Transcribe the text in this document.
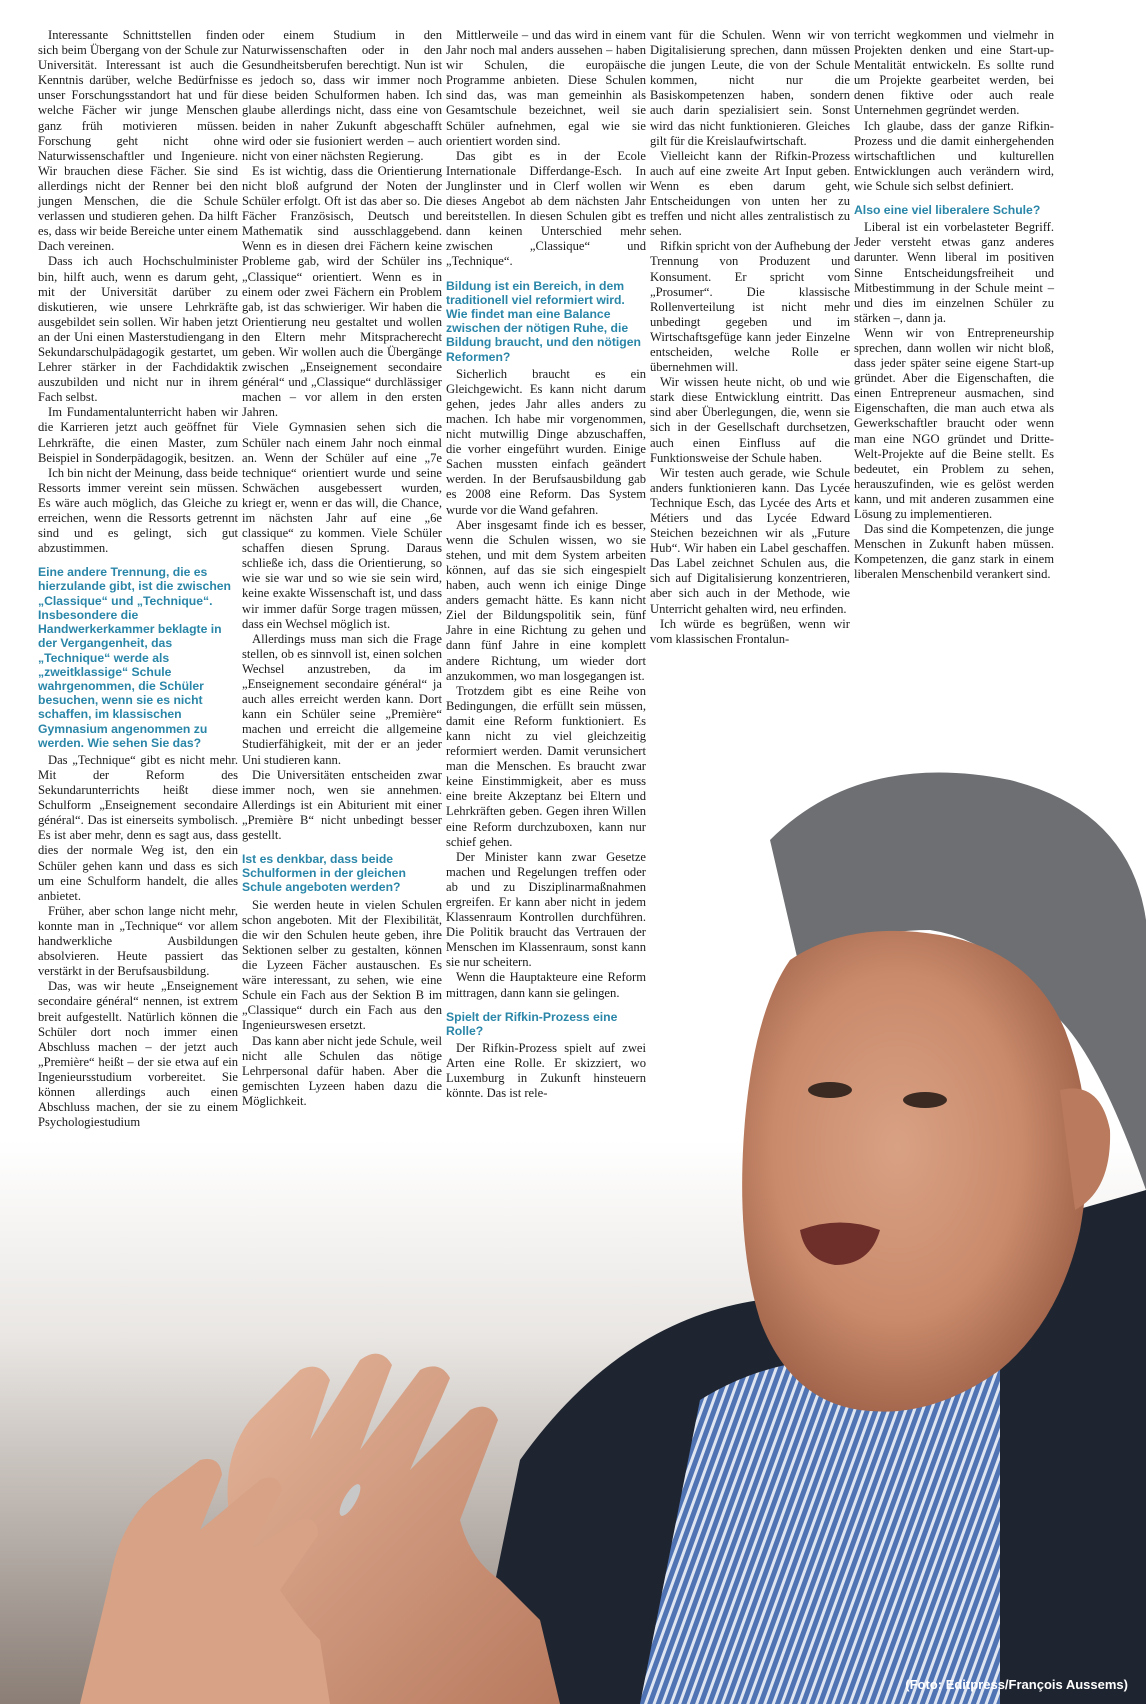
Interessante Schnittstellen finden sich beim Übergang von der Schule zur Universität. Interessant ist auch die Kenntnis darüber, welche Bedürfnisse unser Forschungsstandort hat und für welche Fächer wir junge Menschen ganz früh motivieren müssen. Forschung geht nicht ohne Naturwissenschaftler und Ingenieure. Wir brauchen diese Fächer. Sie sind allerdings nicht der Renner bei den jungen Menschen, die die Schule verlassen und studieren gehen. Da hilft es, dass wir beide Bereiche unter einem Dach vereinen.

Dass ich auch Hochschulminister bin, hilft auch, wenn es darum geht, mit der Universität darüber zu diskutieren, wie unsere Lehrkräfte ausgebildet sein sollen. Wir haben jetzt an der Uni einen Masterstudiengang in Sekundarschulpädagogik gestartet, um Lehrer stärker in der Fachdidaktik auszubilden und nicht nur in ihrem Fach selbst.

Im Fundamentalunterricht haben wir die Karrieren jetzt auch geöffnet für Lehrkräfte, die einen Master, zum Beispiel in Sonderpädagogik, besitzen.

Ich bin nicht der Meinung, dass beide Ressorts immer vereint sein müssen. Es wäre auch möglich, das Gleiche zu erreichen, wenn die Ressorts getrennt sind und es gelingt, sich gut abzustimmen.

Eine andere Trennung, die es hierzulande gibt, ist die zwischen „Classique“ und „Technique“. Insbesondere die Handwerkerkammer beklagte in der Vergangenheit, das „Technique“ werde als „zweitklassige“ Schule wahrgenommen, die Schüler besuchen, wenn sie es nicht schaffen, im klassischen Gymnasium angenommen zu werden. Wie sehen Sie das?

Das „Technique“ gibt es nicht mehr. Mit der Reform des Sekundarunterrichts heißt diese Schulform „Enseignement secondaire général“. Das ist einerseits symbolisch. Es ist aber mehr, denn es sagt aus, dass dies der normale Weg ist, den ein Schüler gehen kann und dass es sich um eine Schulform handelt, die alles anbietet.

Früher, aber schon lange nicht mehr, konnte man in „Technique“ vor allem handwerkliche Ausbildungen absolvieren. Heute passiert das verstärkt in der Berufsausbildung.

Das, was wir heute „Enseignement secondaire général“ nennen, ist extrem breit aufgestellt. Natürlich können die Schüler dort noch immer einen Abschluss machen – der jetzt auch „Première“ heißt – der sie etwa auf ein Ingenieursstudium vorbereitet. Sie können allerdings auch einen Abschluss machen, der sie zu einem Psychologiestudium

oder einem Studium in den Naturwissenschaften oder in den Gesundheitsberufen berechtigt. Nun ist es jedoch so, dass wir immer noch diese beiden Schulformen haben. Ich glaube allerdings nicht, dass eine von beiden in naher Zukunft abgeschafft wird oder sie fusioniert werden – auch nicht von einer nächsten Regierung.

Es ist wichtig, dass die Orientierung nicht bloß aufgrund der Noten der Schüler erfolgt. Oft ist das aber so. Die Fächer Französisch, Deutsch und Mathematik sind ausschlaggebend. Wenn es in diesen drei Fächern keine Probleme gab, wird der Schüler ins „Classique“ orientiert. Wenn es in einem oder zwei Fächern ein Problem gab, ist das schwieriger. Wir haben die Orientierung neu gestaltet und wollen den Eltern mehr Mitspracherecht geben. Wir wollen auch die Übergänge zwischen „Enseignement secondaire général“ und „Classique“ durchlässiger machen – vor allem in den ersten Jahren.

Viele Gymnasien sehen sich die Schüler nach einem Jahr noch einmal an. Wenn der Schüler auf eine „7e technique“ orientiert wurde und seine Schwächen ausgebessert wurden, kriegt er, wenn er das will, die Chance, im nächsten Jahr auf eine „6e classique“ zu kommen. Viele Schüler schaffen diesen Sprung. Daraus schließe ich, dass die Orientierung, so wie sie war und so wie sie sein wird, keine exakte Wissenschaft ist, und dass wir immer dafür Sorge tragen müssen, dass ein Wechsel möglich ist.

Allerdings muss man sich die Frage stellen, ob es sinnvoll ist, einen solchen Wechsel anzustreben, da im „Enseignement secondaire général“ ja auch alles erreicht werden kann. Dort kann ein Schüler seine „Première“ machen und erreicht die allgemeine Studierfähigkeit, mit der er an jeder Uni studieren kann.

Die Universitäten entscheiden zwar immer noch, wen sie annehmen. Allerdings ist ein Abiturient mit einer „Première B“ nicht unbedingt besser gestellt.

Ist es denkbar, dass beide Schulformen in der gleichen Schule angeboten werden?

Sie werden heute in vielen Schulen schon angeboten. Mit der Flexibilität, die wir den Schulen heute geben, ihre Sektionen selber zu gestalten, können die Lyzeen Fächer austauschen. Es wäre interessant, zu sehen, wie eine Schule ein Fach aus der Sektion B im „Classique“ durch ein Fach aus den Ingenieurswesen ersetzt.

Das kann aber nicht jede Schule, weil nicht alle Schulen das nötige Lehrpersonal dafür haben. Aber die gemischten Lyzeen haben dazu die Möglichkeit.

Mittlerweile – und das wird in einem Jahr noch mal anders aussehen – haben wir Schulen, die europäische Programme anbieten. Diese Schulen sind das, was man gemeinhin als Gesamtschule bezeichnet, weil sie Schüler aufnehmen, egal wie sie orientiert worden sind.

Das gibt es in der Ecole Internationale Differdange-Esch. In Junglinster und in Clerf wollen wir dieses Angebot ab dem nächsten Jahr bereitstellen. In diesen Schulen gibt es dann keinen Unterschied mehr zwischen „Classique“ und „Technique“.

Bildung ist ein Bereich, in dem traditionell viel reformiert wird. Wie findet man eine Balance zwischen der nötigen Ruhe, die Bildung braucht, und den nötigen Reformen?

Sicherlich braucht es ein Gleichgewicht. Es kann nicht darum gehen, jedes Jahr alles anders zu machen. Ich habe mir vorgenommen, nicht mutwillig Dinge abzuschaffen, die vorher eingeführt wurden. Einige Sachen mussten einfach geändert werden. In der Berufsausbildung gab es 2008 eine Reform. Das System wurde vor die Wand gefahren.

Aber insgesamt finde ich es besser, wenn die Schulen wissen, wo sie stehen, und mit dem System arbeiten können, auf das sie sich eingespielt haben, auch wenn ich einige Dinge anders gemacht hätte. Es kann nicht Ziel der Bildungspolitik sein, fünf Jahre in eine Richtung zu gehen und dann fünf Jahre in eine komplett andere Richtung, um wieder dort anzukommen, wo man losgegangen ist.

Trotzdem gibt es eine Reihe von Bedingungen, die erfüllt sein müssen, damit eine Reform funktioniert. Es kann nicht zu viel gleichzeitig reformiert werden. Damit verunsichert man die Menschen. Es braucht zwar keine Einstimmigkeit, aber es muss eine breite Akzeptanz bei Eltern und Lehrkräften geben. Gegen ihren Willen eine Reform durchzuboxen, kann nur schief gehen.

Der Minister kann zwar Gesetze machen und Regelungen treffen oder ab und zu Disziplinarmaßnahmen ergreifen. Er kann aber nicht in jedem Klassenraum Kontrollen durchführen. Die Politik braucht das Vertrauen der Menschen im Klassenraum, sonst kann sie nur scheitern.

Wenn die Hauptakteure eine Reform mittragen, dann kann sie gelingen.

Spielt der Rifkin-Prozess eine Rolle?

Der Rifkin-Prozess spielt auf zwei Arten eine Rolle. Er skizziert, wo Luxemburg in Zukunft hinsteuern könnte. Das ist rele-

vant für die Schulen. Wenn wir von Digitalisierung sprechen, dann müssen die jungen Leute, die von der Schule kommen, nicht nur die Basiskompetenzen haben, sondern auch darin spezialisiert sein. Sonst wird das nicht funktionieren. Gleiches gilt für die Kreislaufwirtschaft.

Vielleicht kann der Rifkin-Prozess auch auf eine zweite Art Input geben. Wenn es eben darum geht, Entscheidungen von unten her zu treffen und nicht alles zentralistisch zu sehen.

Rifkin spricht von der Aufhebung der Trennung von Produzent und Konsument. Er spricht vom „Prosumer“. Die klassische Rollenverteilung ist nicht mehr unbedingt gegeben und im Wirtschaftsgefüge kann jeder Einzelne entscheiden, welche Rolle er übernehmen will.

Wir wissen heute nicht, ob und wie stark diese Entwicklung eintritt. Das sind aber Überlegungen, die, wenn sie sich in der Gesellschaft durchsetzen, auch einen Einfluss auf die Funktionsweise der Schule haben.

Wir testen auch gerade, wie Schule anders funktionieren kann. Das Lycée Technique Esch, das Lycée des Arts et Métiers und das Lycée Edward Steichen bezeichnen wir als „Future Hub“. Wir haben ein Label geschaffen. Das Label zeichnet Schulen aus, die sich auf Digitalisierung konzentrieren, aber sich auch in der Methode, wie Unterricht gehalten wird, neu erfinden.

Ich würde es begrüßen, wenn wir vom klassischen Frontalun-

terricht wegkommen und vielmehr in Projekten denken und eine Start-up-Mentalität entwickeln. Es sollte rund um Projekte gearbeitet werden, bei denen fiktive oder auch reale Unternehmen gegründet werden.

Ich glaube, dass der ganze Rifkin-Prozess und die damit einhergehenden wirtschaftlichen und kulturellen Entwicklungen auch verändern wird, wie Schule sich selbst definiert.

Also eine viel liberalere Schule?

Liberal ist ein vorbelasteter Begriff. Jeder versteht etwas ganz anderes darunter. Wenn liberal im positiven Sinne Entscheidungsfreiheit und Mitbestimmung in der Schule meint – und dies im einzelnen Schüler zu stärken –, dann ja.

Wenn wir von Entrepreneurship sprechen, dann wollen wir nicht bloß, dass jeder später seine eigene Start-up gründet. Aber die Eigenschaften, die einen Entrepreneur ausmachen, sind Eigenschaften, die man auch etwa als Gewerkschaftler braucht oder wenn man eine NGO gründet und Dritte-Welt-Projekte auf die Beine stellt. Es bedeutet, ein Problem zu sehen, herauszufinden, wie es gelöst werden kann, und mit anderen zusammen eine Lösung zu implementieren.

Das sind die Kompetenzen, die junge Menschen in Zukunft haben müssen. Kompetenzen, die ganz stark in einem liberalen Menschenbild verankert sind.

(Foto: Editpress/François Aussems)
